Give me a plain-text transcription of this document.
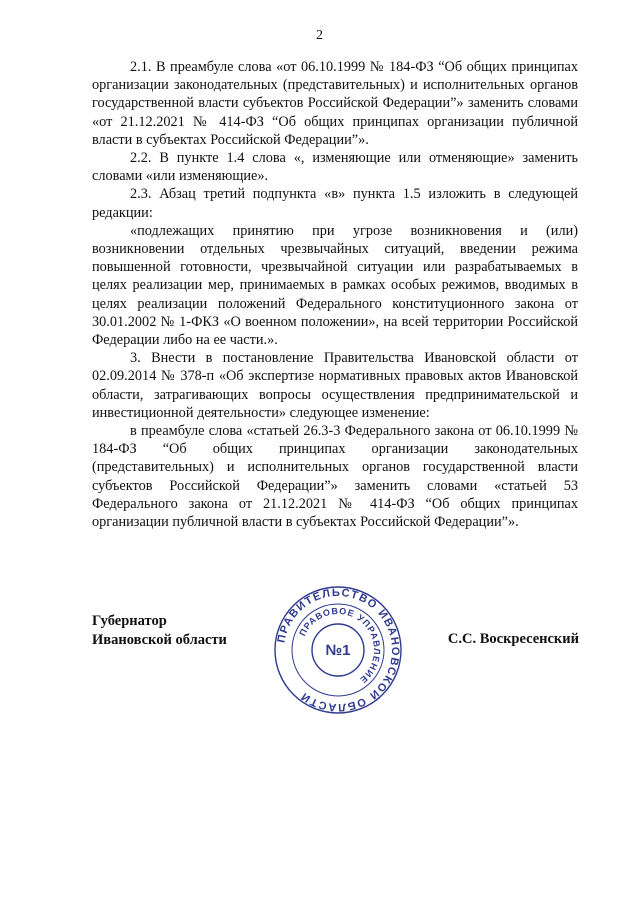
2

2.1. В преамбуле слова «от 06.10.1999 № 184-ФЗ “Об общих принципах организации законодательных (представительных) и исполнительных органов государственной власти субъектов Российской Федерации”» заменить словами «от 21.12.2021 № 414-ФЗ “Об общих принципах организации публичной власти в субъектах Российской Федерации”».

2.2. В пункте 1.4 слова «, изменяющие или отменяющие» заменить словами «или изменяющие».

2.3. Абзац третий подпункта «в» пункта 1.5 изложить в следующей редакции:

«подлежащих принятию при угрозе возникновения и (или) возникновении отдельных чрезвычайных ситуаций, введении режима повышенной готовности, чрезвычайной ситуации или разрабатываемых в целях реализации мер, принимаемых в рамках особых режимов, вводимых в целях реализации положений Федерального конституционного закона от 30.01.2002 № 1-ФКЗ «О военном положении», на всей территории Российской Федерации либо на ее части.».

3. Внести в постановление Правительства Ивановской области от 02.09.2014 № 378-п «Об экспертизе нормативных правовых актов Ивановской области, затрагивающих вопросы осуществления предпринимательской и инвестиционной деятельности» следующее изменение:

в преамбуле слова «статьей 26.3-3 Федерального закона от 06.10.1999 № 184-ФЗ “Об общих принципах организации законодательных (представительных) и исполнительных органов государственной власти субъектов Российской Федерации”» заменить словами «статьей 53 Федерального закона от 21.12.2021 № 414-ФЗ “Об общих принципах организации публичной власти в субъектах Российской Федерации”».

Губернатор
Ивановской области	С.С. Воскресенский
ПРАВИТЕЛЬСТВО ИВАНОВСКОЙ ОБЛАСТИ
ПРАВОВОЕ УПРАВЛЕНИЕ
№1
